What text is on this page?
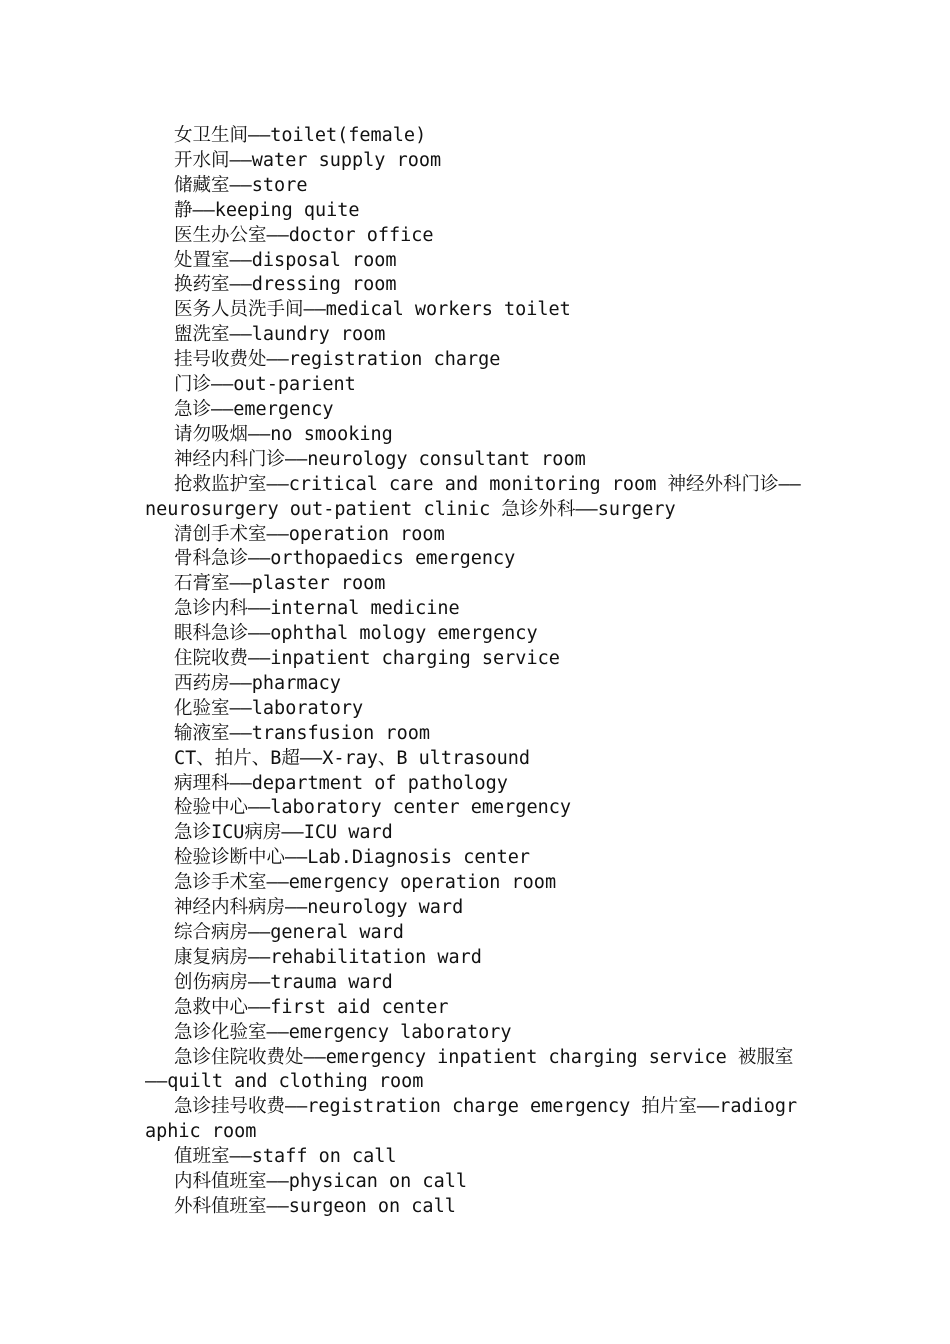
女卫生间——toilet(female)

开水间——water supply room

储藏室——store

静——keeping quite

医生办公室——doctor office

处置室——disposal room

换药室——dressing room

医务人员洗手间——medical workers toilet

盥洗室——laundry room

挂号收费处——registration charge

门诊——out-parient

急诊——emergency

请勿吸烟——no smooking

神经内科门诊——neurology consultant room

抢救监护室——critical care and monitoring room 神经外科门诊——neurosurgery out-patient clinic 急诊外科——surgery

清创手术室——operation room

骨科急诊——orthopaedics emergency

石膏室——plaster room

急诊内科——internal medicine

眼科急诊——ophthal mology emergency

住院收费——inpatient charging service

西药房——pharmacy

化验室——laboratory

输液室——transfusion room

CT、拍片、B超——X-ray、B ultrasound

病理科——department of pathology

检验中心——laboratory center emergency

急诊ICU病房——ICU ward

检验诊断中心——Lab.Diagnosis center

急诊手术室——emergency operation room

神经内科病房——neurology ward

综合病房——general ward

康复病房——rehabilitation ward

创伤病房——trauma ward

急救中心——first aid center

急诊化验室——emergency laboratory

急诊住院收费处——emergency inpatient charging service 被服室——quilt and clothing room

急诊挂号收费——registration charge emergency 拍片室——radiographic room

值班室——staff on call

内科值班室——physican on call

外科值班室——surgeon on call
